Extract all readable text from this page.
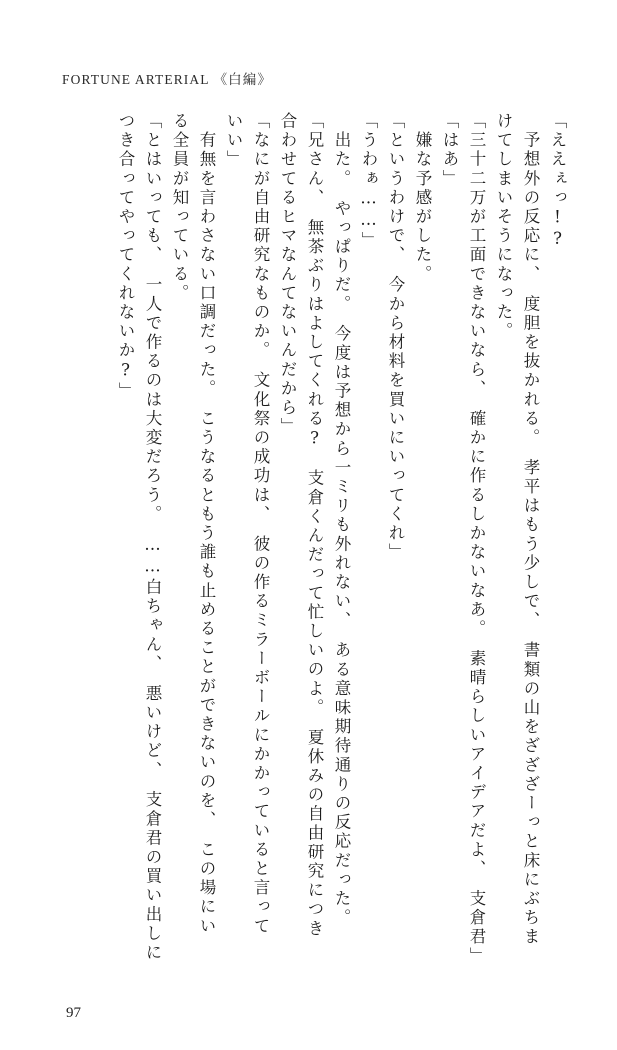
FORTUNE ARTERIAL 《白編》
「ええぇっ!?
　予想外の反応に、　度胆を抜かれる。　孝平はもう少しで、　書類の山をざざざーっと床にぶちま
けてしまいそうになった。
「三十二万が工面できないなら、　確かに作るしかないなあ。　素晴らしいアイデアだよ、　支倉君」
「はあ」
　嫌な予感がした。
「というわけで、　今から材料を買いにいってくれ」
「うわぁ……」
　出た。　やっぱりだ。　今度は予想から一ミリも外れない、　ある意味期待通りの反応だった。
「兄さん、　無茶ぶりはよしてくれる?　支倉くんだって忙しいのよ。　夏休みの自由研究につき
合わせてるヒマなんてないんだから」
「なにが自由研究なものか。　文化祭の成功は、　彼の作るミラーボールにかかっていると言って
いい」
　有無を言わさない口調だった。　こうなるともう誰も止めることができないのを、　この場にい
る全員が知っている。
「とはいっても、　一人で作るのは大変だろう。　……白ちゃん、　悪いけど、　支倉君の買い出しに
つき合ってやってくれないか?」
97
